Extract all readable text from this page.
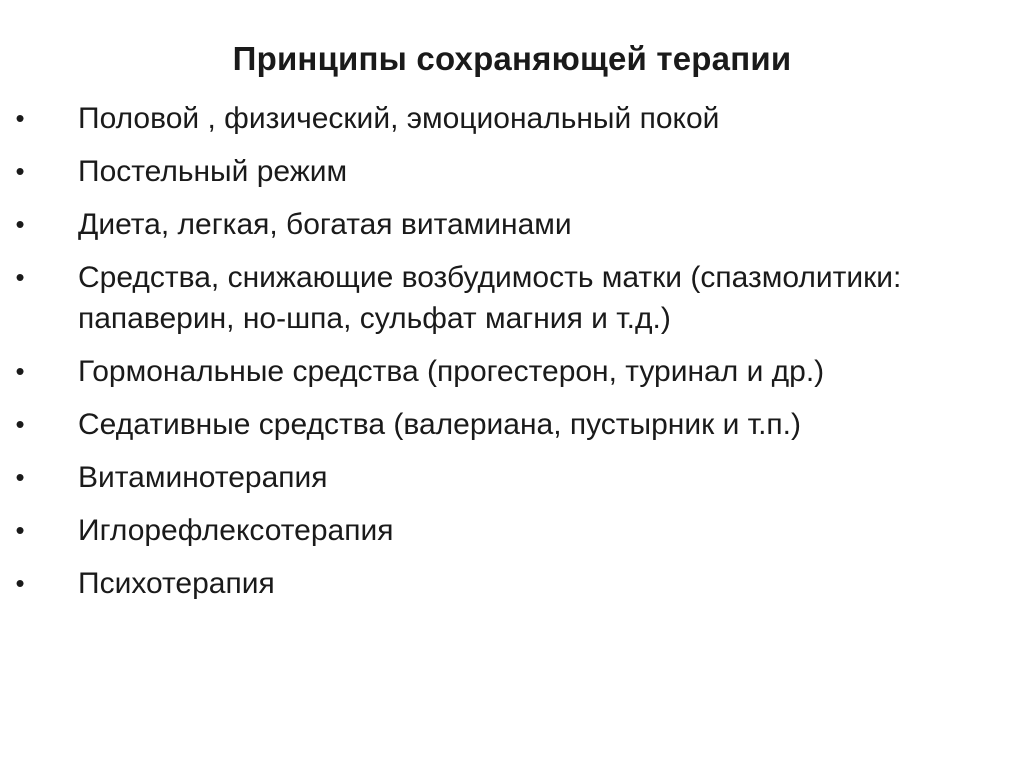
Принципы сохраняющей терапии
• Половой , физический, эмоциональный покой
• Постельный режим
• Диета, легкая, богатая витаминами
• Средства, снижающие возбудимость матки (спазмолитики: папаверин, но-шпа, сульфат магния и т.д.)
• Гормональные средства (прогестерон, туринал и др.)
• Седативные средства (валериана, пустырник и т.п.)
• Витаминотерапия
• Иглорефлексотерапия
• Психотерапия
